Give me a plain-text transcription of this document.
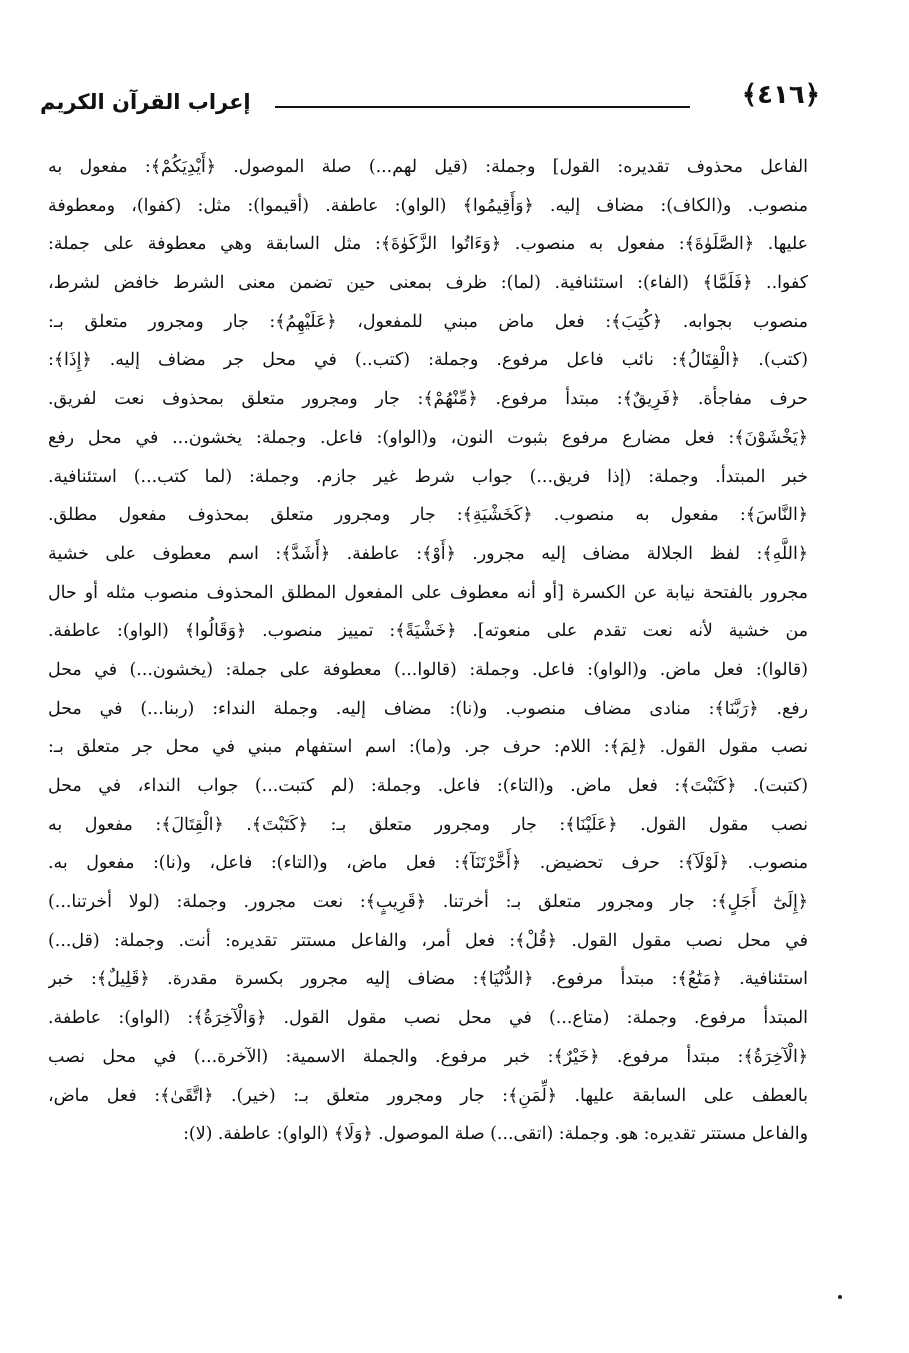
﴿٤١٦﴾
إعراب القرآن الكريم
الفاعل محذوف تقديره: القول] وجملة: (قيل لهم...) صلة الموصول. ﴿أَيْدِيَكُمْ﴾: مفعول به
منصوب. و(الكاف): مضاف إليه. ﴿وَأَقِيمُوا﴾ (الواو): عاطفة. (أقيموا): مثل: (كفوا)، ومعطوفة
عليها. ﴿الصَّلَوٰةَ﴾: مفعول به منصوب. ﴿وَءَاتُوا الزَّكَوٰةَ﴾: مثل السابقة وهي معطوفة على جملة:
كفوا.. ﴿فَلَمَّا﴾ (الفاء): استئنافية. (لما): ظرف بمعنى حين تضمن معنى الشرط خافض لشرط،
منصوب بجوابه. ﴿كُتِبَ﴾: فعل ماض مبني للمفعول، ﴿عَلَيْهِمُ﴾: جار ومجرور متعلق بـ:
(كتب). ﴿الْقِتَالُ﴾: نائب فاعل مرفوع. وجملة: (كتب..) في محل جر مضاف إليه. ﴿إِذَا﴾:
حرف مفاجأة. ﴿فَرِيقٌ﴾: مبتدأ مرفوع. ﴿مِّنْهُمْ﴾: جار ومجرور متعلق بمحذوف نعت لفريق.
﴿يَخْشَوْنَ﴾: فعل مضارع مرفوع بثبوت النون، و(الواو): فاعل. وجملة: يخشون... في محل رفع
خبر المبتدأ. وجملة: (إذا فريق...) جواب شرط غير جازم. وجملة: (لما كتب...) استئنافية.
﴿النَّاسَ﴾: مفعول به منصوب. ﴿كَخَشْيَةِ﴾: جار ومجرور متعلق بمحذوف مفعول مطلق.
﴿اللَّهِ﴾: لفظ الجلالة مضاف إليه مجرور. ﴿أَوْ﴾: عاطفة. ﴿أَشَدَّ﴾: اسم معطوف على خشية
مجرور بالفتحة نيابة عن الكسرة [أو أنه معطوف على المفعول المطلق المحذوف منصوب مثله أو حال
من خشية لأنه نعت تقدم على منعوته]. ﴿خَشْيَةً﴾: تمييز منصوب. ﴿وَقَالُوا﴾ (الواو): عاطفة.
(قالوا): فعل ماض. و(الواو): فاعل. وجملة: (قالوا...) معطوفة على جملة: (يخشون...) في محل
رفع. ﴿رَبَّنَا﴾: منادى مضاف منصوب. و(نا): مضاف إليه. وجملة النداء: (ربنا...) في محل
نصب مقول القول. ﴿لِمَ﴾: اللام: حرف جر. و(ما): اسم استفهام مبني في محل جر متعلق بـ:
(كتبت). ﴿كَتَبْتَ﴾: فعل ماض. و(التاء): فاعل. وجملة: (لم كتبت...) جواب النداء، في محل
نصب مقول القول. ﴿عَلَيْنَا﴾: جار ومجرور متعلق بـ: ﴿كَتَبْتَ﴾. ﴿الْقِتَالَ﴾: مفعول به
منصوب. ﴿لَوْلَآ﴾: حرف تحضيض. ﴿أَخَّرْتَنَآ﴾: فعل ماض، و(التاء): فاعل، و(نا): مفعول به.
﴿إِلَىٰٓ أَجَلٍ﴾: جار ومجرور متعلق بـ: أخرتنا. ﴿قَرِيبٍ﴾: نعت مجرور. وجملة: (لولا أخرتنا...)
في محل نصب مقول القول. ﴿قُلْ﴾: فعل أمر، والفاعل مستتر تقديره: أنت. وجملة: (قل...)
استئنافية. ﴿مَتَٰعُ﴾: مبتدأ مرفوع. ﴿الدُّنْيَا﴾: مضاف إليه مجرور بكسرة مقدرة. ﴿قَلِيلٌ﴾: خبر
المبتدأ مرفوع. وجملة: (متاع...) في محل نصب مقول القول. ﴿وَالْآخِرَةُ﴾: (الواو): عاطفة.
﴿الْآخِرَةُ﴾: مبتدأ مرفوع. ﴿خَيْرٌ﴾: خبر مرفوع. والجملة الاسمية: (الآخرة...) في محل نصب
بالعطف على السابقة عليها. ﴿لِّمَنِ﴾: جار ومجرور متعلق بـ: (خير). ﴿اتَّقَىٰ﴾: فعل ماض،
والفاعل مستتر تقديره: هو. وجملة: (اتقى...) صلة الموصول. ﴿وَلَا﴾ (الواو): عاطفة. (لا):
